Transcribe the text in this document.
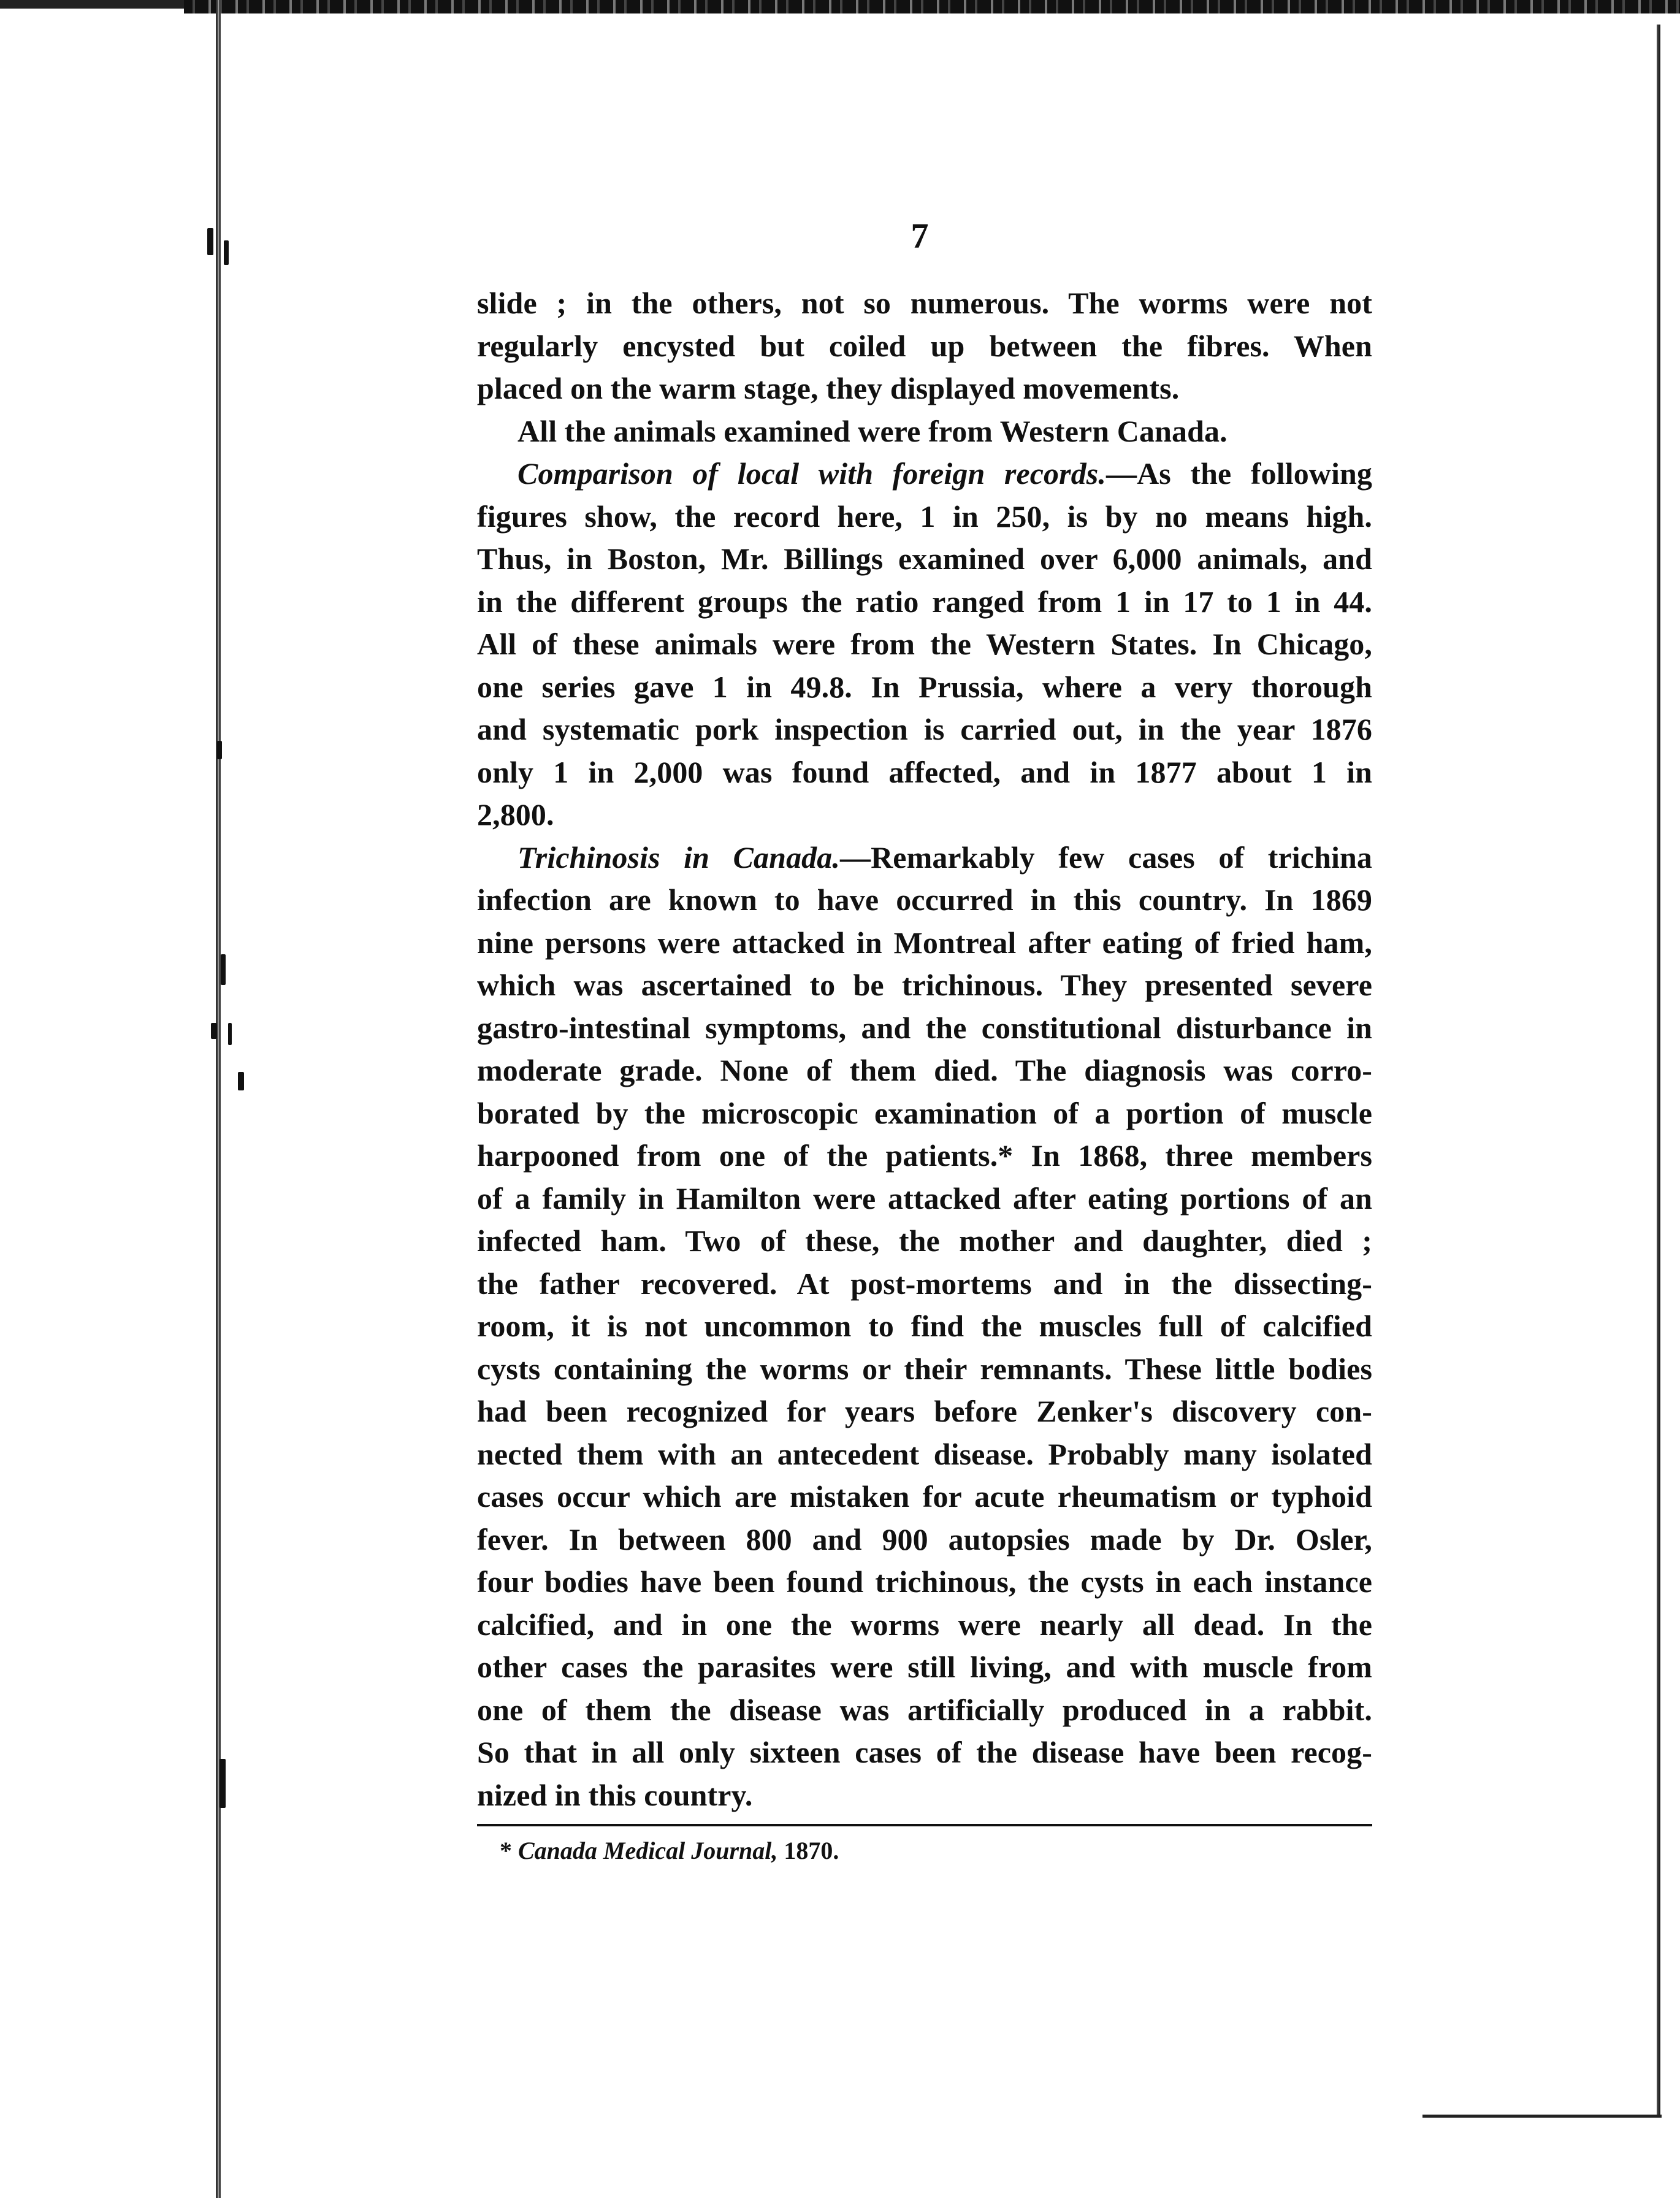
7
slide ; in the others, not so numerous. The worms were not
regularly encysted but coiled up between the fibres. When
placed on the warm stage, they displayed movements.
All the animals examined were from Western Canada.
Comparison of local with foreign records.—As the following
figures show, the record here, 1 in 250, is by no means high.
Thus, in Boston, Mr. Billings examined over 6,000 animals, and
in the different groups the ratio ranged from 1 in 17 to 1 in 44.
All of these animals were from the Western States. In Chicago,
one series gave 1 in 49.8. In Prussia, where a very thorough
and systematic pork inspection is carried out, in the year 1876
only 1 in 2,000 was found affected, and in 1877 about 1 in
2,800.
Trichinosis in Canada.—Remarkably few cases of trichina
infection are known to have occurred in this country. In 1869
nine persons were attacked in Montreal after eating of fried ham,
which was ascertained to be trichinous. They presented severe
gastro-intestinal symptoms, and the constitutional disturbance in
moderate grade. None of them died. The diagnosis was corro-
borated by the microscopic examination of a portion of muscle
harpooned from one of the patients.* In 1868, three members
of a family in Hamilton were attacked after eating portions of an
infected ham. Two of these, the mother and daughter, died ;
the father recovered. At post-mortems and in the dissecting-
room, it is not uncommon to find the muscles full of calcified
cysts containing the worms or their remnants. These little bodies
had been recognized for years before Zenker's discovery con-
nected them with an antecedent disease. Probably many isolated
cases occur which are mistaken for acute rheumatism or typhoid
fever. In between 800 and 900 autopsies made by Dr. Osler,
four bodies have been found trichinous, the cysts in each instance
calcified, and in one the worms were nearly all dead. In the
other cases the parasites were still living, and with muscle from
one of them the disease was artificially produced in a rabbit.
So that in all only sixteen cases of the disease have been recog-
nized in this country.
* Canada Medical Journal, 1870.
